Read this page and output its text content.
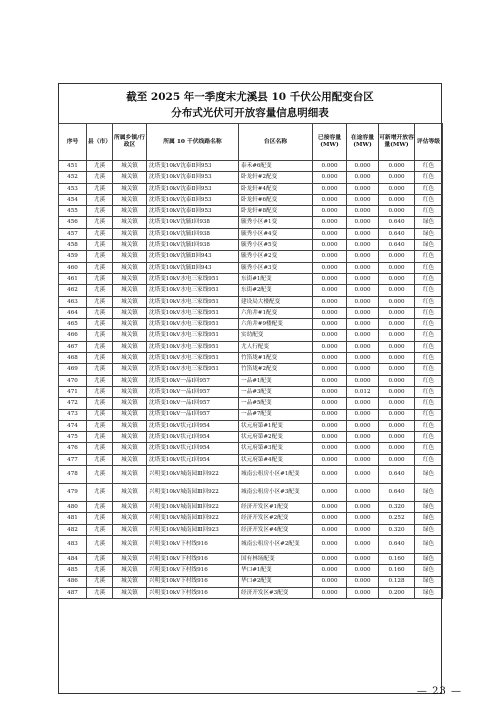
截至 2025 年一季度末尤溪县 10 千伏公用配变台区
分布式光伏可开放容量信息明细表
序号	县（市）	所属乡镇/行政区	所属 10 千伏线路名称	台区名称	已接容量(MW)	在途容量(MW)	可新增开放容量(MW)	评估等级
451	尤溪	城关镇	沈塔变10kV沈泰Ⅱ回953	泰禾#6配变	0.000	0.000	0.000	红色
452	尤溪	城关镇	沈塔变10kV沈泰Ⅱ回953	卧龙轩#2配变	0.000	0.000	0.000	红色
453	尤溪	城关镇	沈塔变10kV沈泰Ⅱ回953	卧龙轩#4配变	0.000	0.000	0.000	红色
454	尤溪	城关镇	沈塔变10kV沈泰Ⅱ回953	卧龙轩#6配变	0.000	0.000	0.000	红色
455	尤溪	城关镇	沈塔变10kV沈泰Ⅱ回953	卧龙轩#8配变	0.000	0.000	0.000	红色
456	尤溪	城关镇	沈塔变10kV沈毓Ⅰ回938	毓秀小区#1变	0.000	0.000	0.640	绿色
457	尤溪	城关镇	沈塔变10kV沈毓Ⅰ回938	毓秀小区#4变	0.000	0.000	0.640	绿色
458	尤溪	城关镇	沈塔变10kV沈毓Ⅰ回938	毓秀小区#5变	0.000	0.000	0.640	绿色
459	尤溪	城关镇	沈塔变10kV沈毓Ⅱ回943	毓秀小区#2变	0.000	0.000	0.000	红色
460	尤溪	城关镇	沈塔变10kV沈毓Ⅱ回943	毓秀小区#3变	0.000	0.000	0.000	红色
461	尤溪	城关镇	沈塔变10kV水电三家线951	东街#1配变	0.000	0.000	0.000	红色
462	尤溪	城关镇	沈塔变10kV水电三家线951	东街#2配变	0.000	0.000	0.000	红色
463	尤溪	城关镇	沈塔变10kV水电三家线951	建设局大楼配变	0.000	0.000	0.000	红色
464	尤溪	城关镇	沈塔变10kV水电三家线951	六角井#1配变	0.000	0.000	0.000	红色
465	尤溪	城关镇	沈塔变10kV水电三家线951	六角井#9楼配变	0.000	0.000	0.000	红色
466	尤溪	城关镇	沈塔变10kV水电三家线951	实幼配变	0.000	0.000	0.000	红色
467	尤溪	城关镇	沈塔变10kV水电三家线951	尤人行配变	0.000	0.000	0.000	红色
468	尤溪	城关镇	沈塔变10kV水电三家线951	竹箔垅#1配变	0.000	0.000	0.000	红色
469	尤溪	城关镇	沈塔变10kV水电三家线951	竹箔垅#2配变	0.000	0.000	0.000	红色
470	尤溪	城关镇	沈塔变10kV一品Ⅰ回957	一品#1配变	0.000	0.000	0.000	红色
471	尤溪	城关镇	沈塔变10kV一品Ⅰ回957	一品#3配变	0.000	0.012	0.000	红色
472	尤溪	城关镇	沈塔变10kV一品Ⅰ回957	一品#5配变	0.000	0.000	0.000	红色
473	尤溪	城关镇	沈塔变10kV一品Ⅰ回957	一品#7配变	0.000	0.000	0.000	红色
474	尤溪	城关镇	沈塔变10kV状元Ⅰ回954	状元府第#1配变	0.000	0.000	0.000	红色
475	尤溪	城关镇	沈塔变10kV状元Ⅰ回954	状元府第#2配变	0.000	0.000	0.000	红色
476	尤溪	城关镇	沈塔变10kV状元Ⅰ回954	状元府第#3配变	0.000	0.000	0.000	红色
477	尤溪	城关镇	沈塔变10kV状元Ⅰ回954	状元府第#4配变	0.000	0.000	0.000	红色
478	尤溪	城关镇	兴明变10kV城南园Ⅲ回922	城南公租房小区#1配变	0.000	0.000	0.640	绿色
479	尤溪	城关镇	兴明变10kV城南园Ⅲ回922	城南公租房小区#3配变	0.000	0.000	0.640	绿色
480	尤溪	城关镇	兴明变10kV城南园Ⅲ回922	经济开发区#1配变	0.000	0.000	0.320	绿色
481	尤溪	城关镇	兴明变10kV城南园Ⅲ回922	经济开发区#2配变	0.000	0.000	0.252	绿色
482	尤溪	城关镇	兴明变10kV城南园Ⅲ回923	经济开发区#4配变	0.000	0.000	0.320	绿色
483	尤溪	城关镇	兴明变10kV下村线916	城南公租房小区#2配变	0.000	0.000	0.640	绿色
484	尤溪	城关镇	兴明变10kV下村线916	国有林场配变	0.000	0.000	0.160	绿色
485	尤溪	城关镇	兴明变10kV下村线916	华口#1配变	0.000	0.000	0.160	绿色
486	尤溪	城关镇	兴明变10kV下村线916	华口#2配变	0.000	0.000	0.128	绿色
487	尤溪	城关镇	兴明变10kV下村线916	经济开发区#3配变	0.000	0.000	0.200	绿色
— 23 —
